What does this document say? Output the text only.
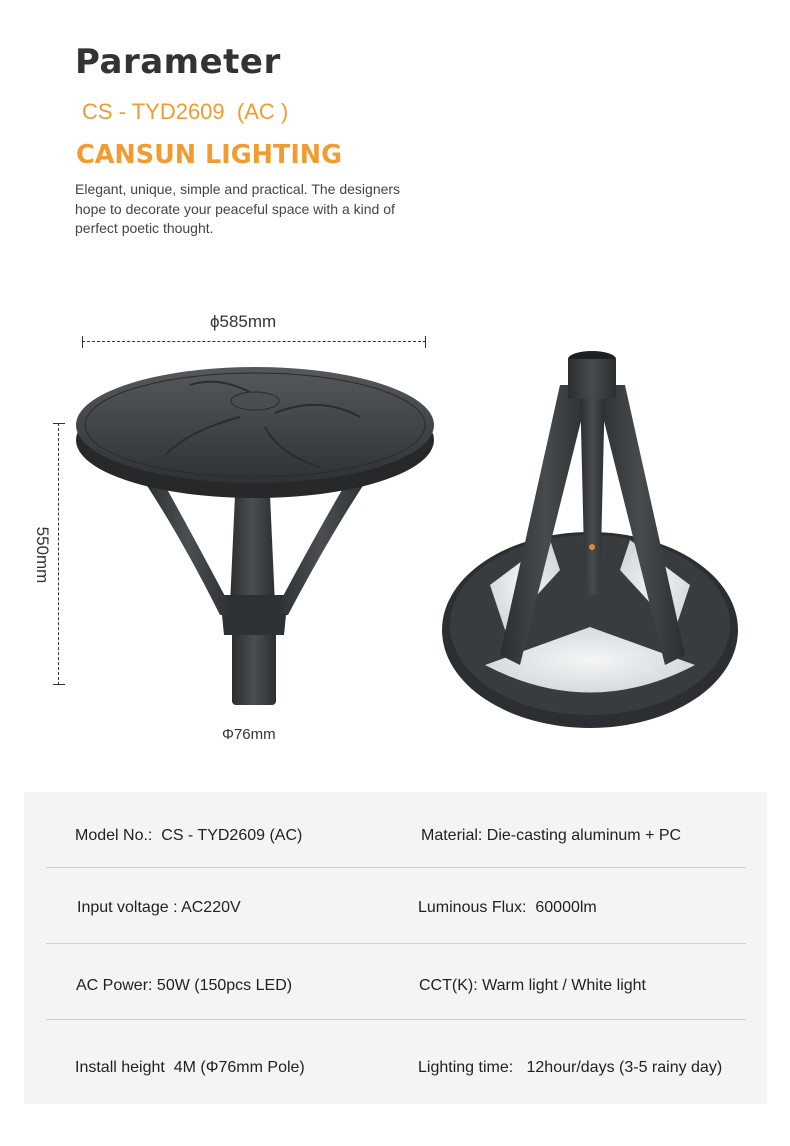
Parameter
CS - TYD2609  (AC )
CANSUN LIGHTING
Elegant, unique, simple and practical. The designers hope to decorate your peaceful space with a kind of perfect poetic thought.
ϕ585mm
550mm
Φ76mm
Model No.:  CS - TYD2609 (AC)	Material: Die-casting aluminum + PC
Input voltage : AC220V	Luminous Flux:  60000lm
AC Power: 50W (150pcs LED)	CCT(K): Warm light / White light
Install height  4M (Φ76mm Pole)	Lighting time:   12hour/days (3-5 rainy day)
